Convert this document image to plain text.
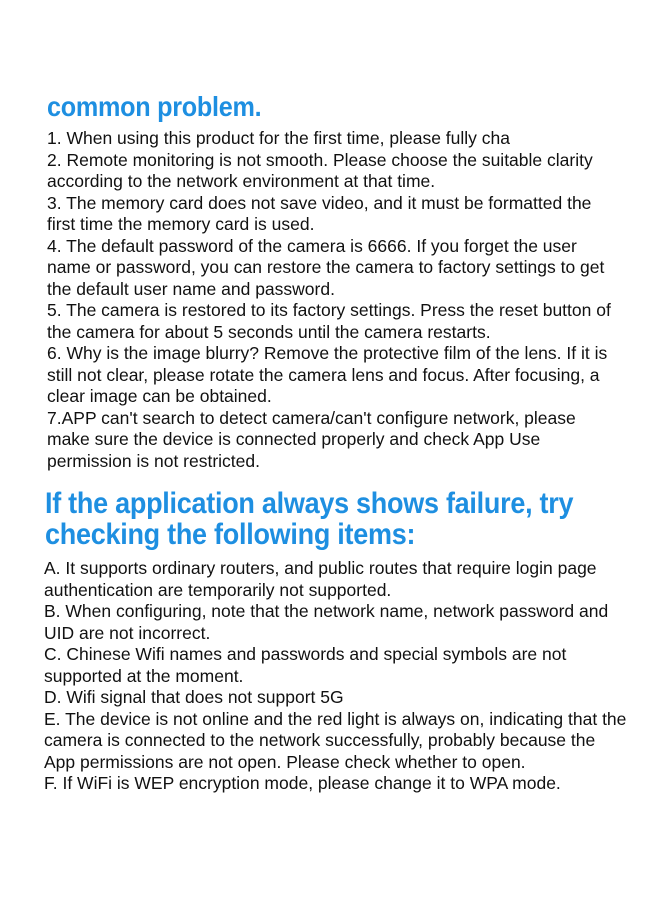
common problem.
1. When using this product for the first time, please fully cha
2. Remote monitoring is not smooth. Please choose the suitable clarity according to the network environment at that time.
3. The memory card does not save video, and it must be formatted the first time the memory card is used.
4. The default password of the camera is 6666. If you forget the user name or password, you can restore the camera to factory settings to get the default user name and password.
5. The camera is restored to its factory settings. Press the reset button of the camera for about 5 seconds until the camera restarts.
6. Why is the image blurry? Remove the protective film of the lens. If it is still not clear, please rotate the camera lens and focus. After focusing, a clear image can be obtained.
7.APP can't search to detect camera/can't configure network, please make sure the device is connected properly and check App Use permission is not restricted.
If the application always shows failure, try checking the following items:
A. It supports ordinary routers, and public routes that require login page authentication are temporarily not supported.
B. When configuring, note that the network name, network password and UID are not incorrect.
C. Chinese Wifi names and passwords and special symbols are not supported at the moment.
D. Wifi signal that does not support 5G
E. The device is not online and the red light is always on, indicating that the camera is connected to the network successfully, probably because the App permissions are not open. Please check whether to open.
F. If WiFi is WEP encryption mode, please change it to WPA mode.
